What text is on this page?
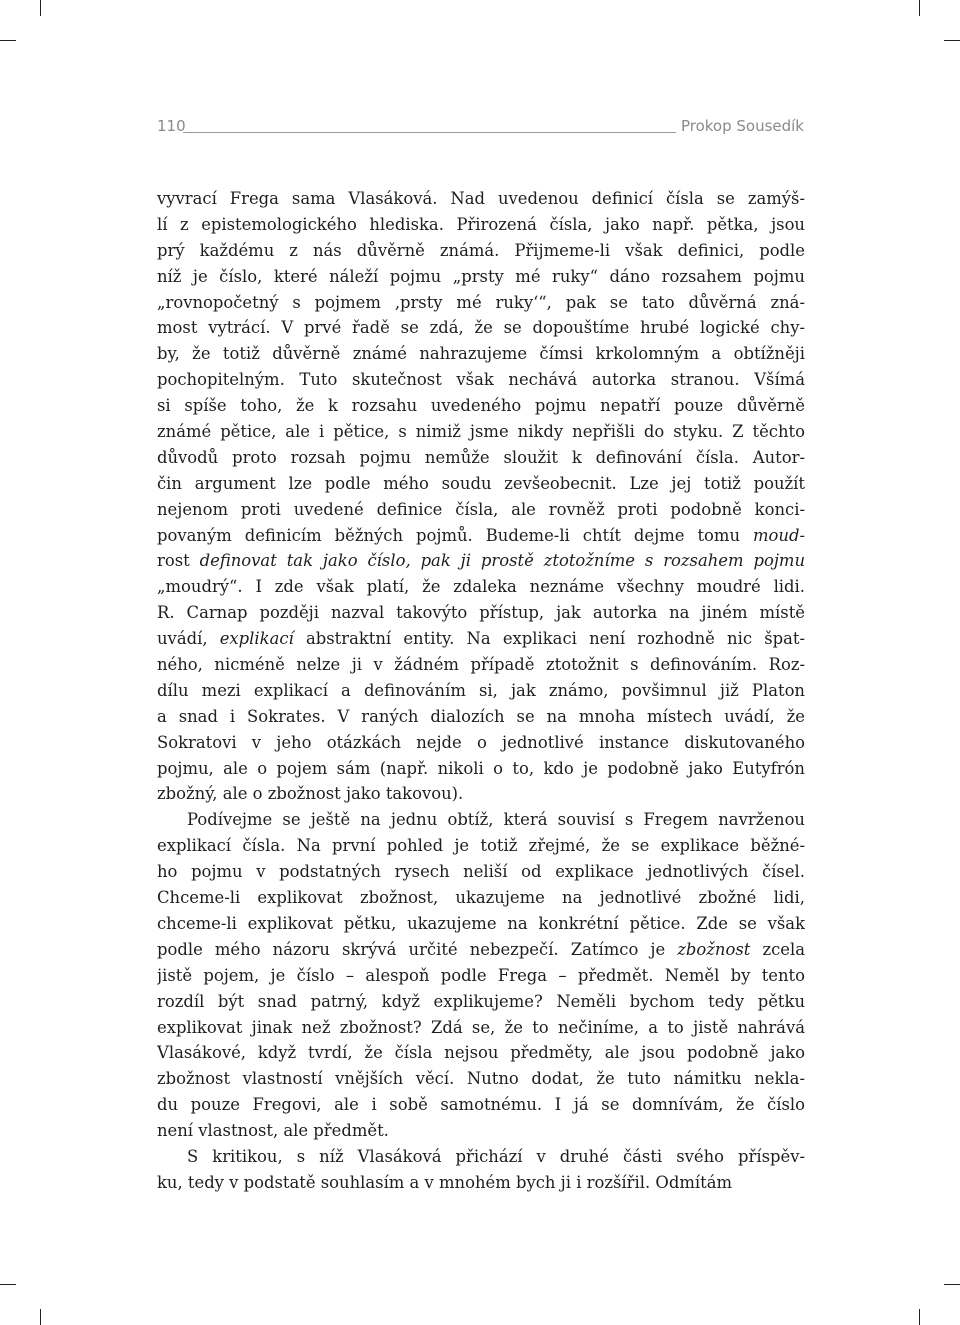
110	Prokop Sousedík
vyvrací Frega sama Vlasáková. Nad uvedenou definicí čísla se zamýš-
lí z epistemologického hlediska. Přirozená čísla, jako např. pětka, jsou
prý každému z nás důvěrně známá. Přijmeme-li však definici, podle
níž je číslo, které náleží pojmu „prsty mé ruky“ dáno rozsahem pojmu
„rovnopočetný s pojmem ‚prsty mé ruky‘“, pak se tato důvěrná zná-
most vytrácí. V prvé řadě se zdá, že se dopouštíme hrubé logické chy-
by, že totiž důvěrně známé nahrazujeme čímsi krkolomným a obtížněji
pochopitelným. Tuto skutečnost však nechává autorka stranou. Všímá
si spíše toho, že k rozsahu uvedeného pojmu nepatří pouze důvěrně
známé pětice, ale i pětice, s nimiž jsme nikdy nepřišli do styku. Z těchto
důvodů proto rozsah pojmu nemůže sloužit k definování čísla. Autor-
čin argument lze podle mého soudu zevšeobecnit. Lze jej totiž použít
nejenom proti uvedené definice čísla, ale rovněž proti podobně konci-
povaným definicím běžných pojmů. Budeme-li chtít dejme tomu moud-
rost definovat tak jako číslo, pak ji prostě ztotožníme s rozsahem pojmu
„moudrý“. I zde však platí, že zdaleka neznáme všechny moudré lidi.
R. Carnap později nazval takovýto přístup, jak autorka na jiném místě
uvádí, explikací abstraktní entity. Na explikaci není rozhodně nic špat-
ného, nicméně nelze ji v žádném případě ztotožnit s definováním. Roz-
dílu mezi explikací a definováním si, jak známo, povšimnul již Platon
a snad i Sokrates. V raných dialozích se na mnoha místech uvádí, že
Sokratovi v jeho otázkách nejde o jednotlivé instance diskutovaného
pojmu, ale o pojem sám (např. nikoli o to, kdo je podobně jako Eutyfrón
zbožný, ale o zbožnost jako takovou).
Podívejme se ještě na jednu obtíž, která souvisí s Fregem navrženou
explikací čísla. Na první pohled je totiž zřejmé, že se explikace běžné-
ho pojmu v podstatných rysech neliší od explikace jednotlivých čísel.
Chceme-li explikovat zbožnost, ukazujeme na jednotlivé zbožné lidi,
chceme-li explikovat pětku, ukazujeme na konkrétní pětice. Zde se však
podle mého názoru skrývá určité nebezpečí. Zatímco je zbožnost zcela
jistě pojem, je číslo – alespoň podle Frega – předmět. Neměl by tento
rozdíl být snad patrný, když explikujeme? Neměli bychom tedy pětku
explikovat jinak než zbožnost? Zdá se, že to nečiníme, a to jistě nahrává
Vlasákové, když tvrdí, že čísla nejsou předměty, ale jsou podobně jako
zbožnost vlastností vnějších věcí. Nutno dodat, že tuto námitku nekla-
du pouze Fregovi, ale i sobě samotnému. I já se domnívám, že číslo
není vlastnost, ale předmět.
S kritikou, s níž Vlasáková přichází v druhé části svého příspěv-
ku, tedy v podstatě souhlasím a v mnohém bych ji i rozšířil. Odmítám
